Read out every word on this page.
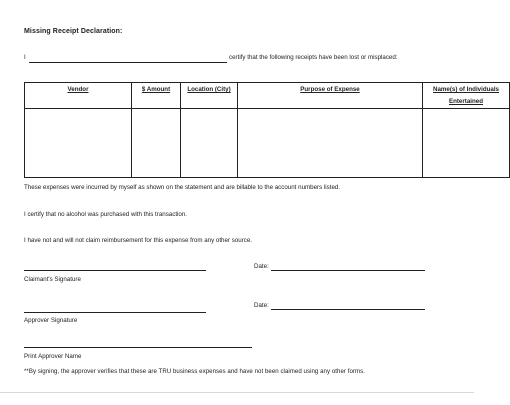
Missing Receipt Declaration:
I	certify that the following receipts have been lost or misplaced:
Vendor	$ Amount	Location (City)	Purpose of Expense	Name(s) of Individuals Entertained

These expenses were incurred by myself as shown on the statement and are billable to the account numbers listed.
I certify that no alcohol was purchased with this transaction.
I have not and will not claim reimbursement for this expense from any other source.
Date:
Claimant's Signature
Date:
Approver Signature
Print Approver Name
**By signing, the approver verifies that these are TRU business expenses and have not been claimed using any other forms.
